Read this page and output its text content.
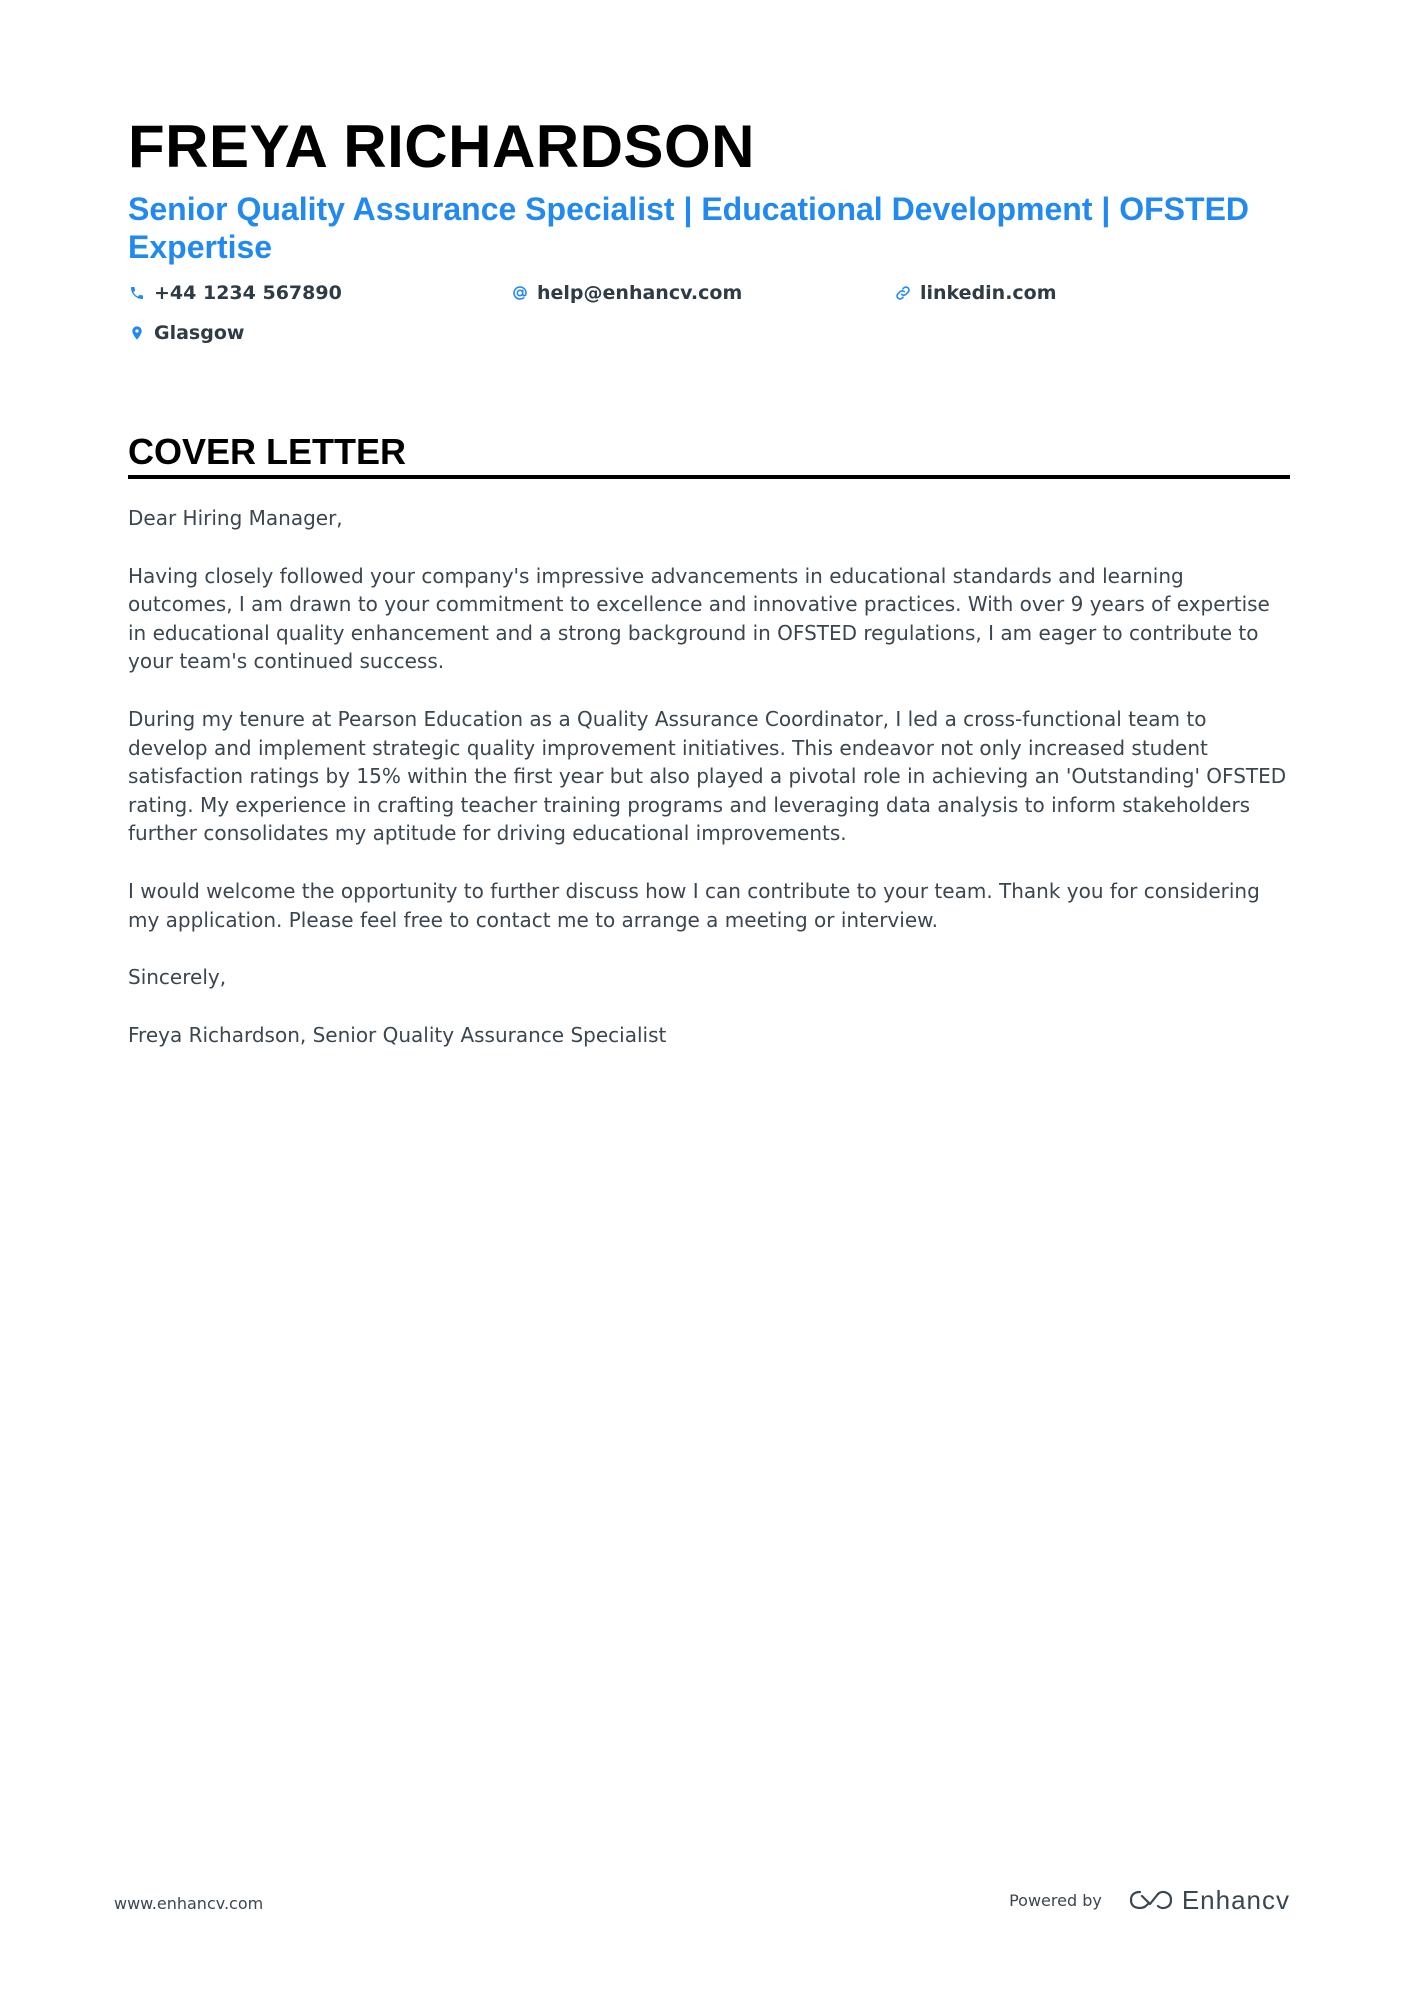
FREYA RICHARDSON
Senior Quality Assurance Specialist | Educational Development | OFSTED Expertise
+44 1234 567890	help@enhancv.com	linkedin.com
Glasgow
COVER LETTER

Dear Hiring Manager,

Having closely followed your company's impressive advancements in educational standards and learning outcomes, I am drawn to your commitment to excellence and innovative practices. With over 9 years of expertise in educational quality enhancement and a strong background in OFSTED regulations, I am eager to contribute to your team's continued success.

During my tenure at Pearson Education as a Quality Assurance Coordinator, I led a cross-functional team to develop and implement strategic quality improvement initiatives. This endeavor not only increased student satisfaction ratings by 15% within the first year but also played a pivotal role in achieving an 'Outstanding' OFSTED rating. My experience in crafting teacher training programs and leveraging data analysis to inform stakeholders further consolidates my aptitude for driving educational improvements.

I would welcome the opportunity to further discuss how I can contribute to your team. Thank you for considering my application. Please feel free to contact me to arrange a meeting or interview.

Sincerely,

Freya Richardson, Senior Quality Assurance Specialist

www.enhancv.com	Powered by	Enhancv
